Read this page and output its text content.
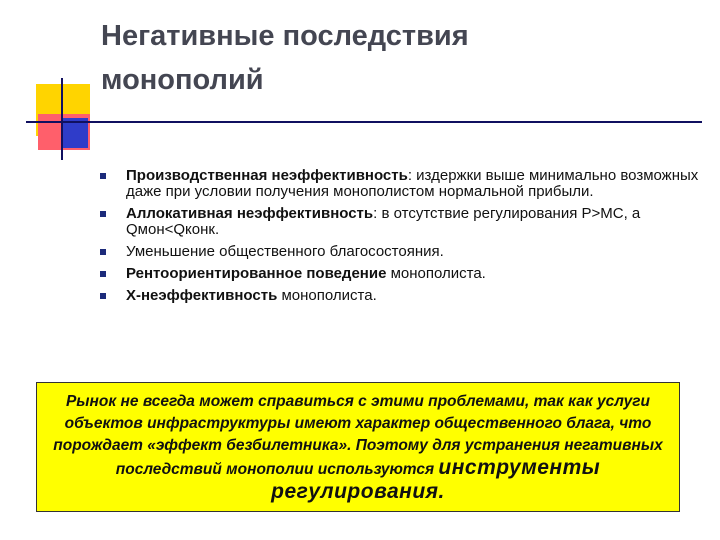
Негативные последствия
монополий
Производственная неэффективность: издержки выше минимально возможных даже при условии получения монополистом нормальной прибыли.
Аллокативная неэффективность: в отсутствие регулирования P>MC, а Qмон<Qконк.
Уменьшение общественного благосостояния.
Рентоориентированное поведение монополиста.
Х-неэффективность монополиста.
Рынок не всегда может справиться с этими проблемами, так как услуги объектов инфраструктуры имеют характер общественного блага, что порождает «эффект безбилетника». Поэтому для устранения негативных последствий монополии используются инструменты регулирования.
